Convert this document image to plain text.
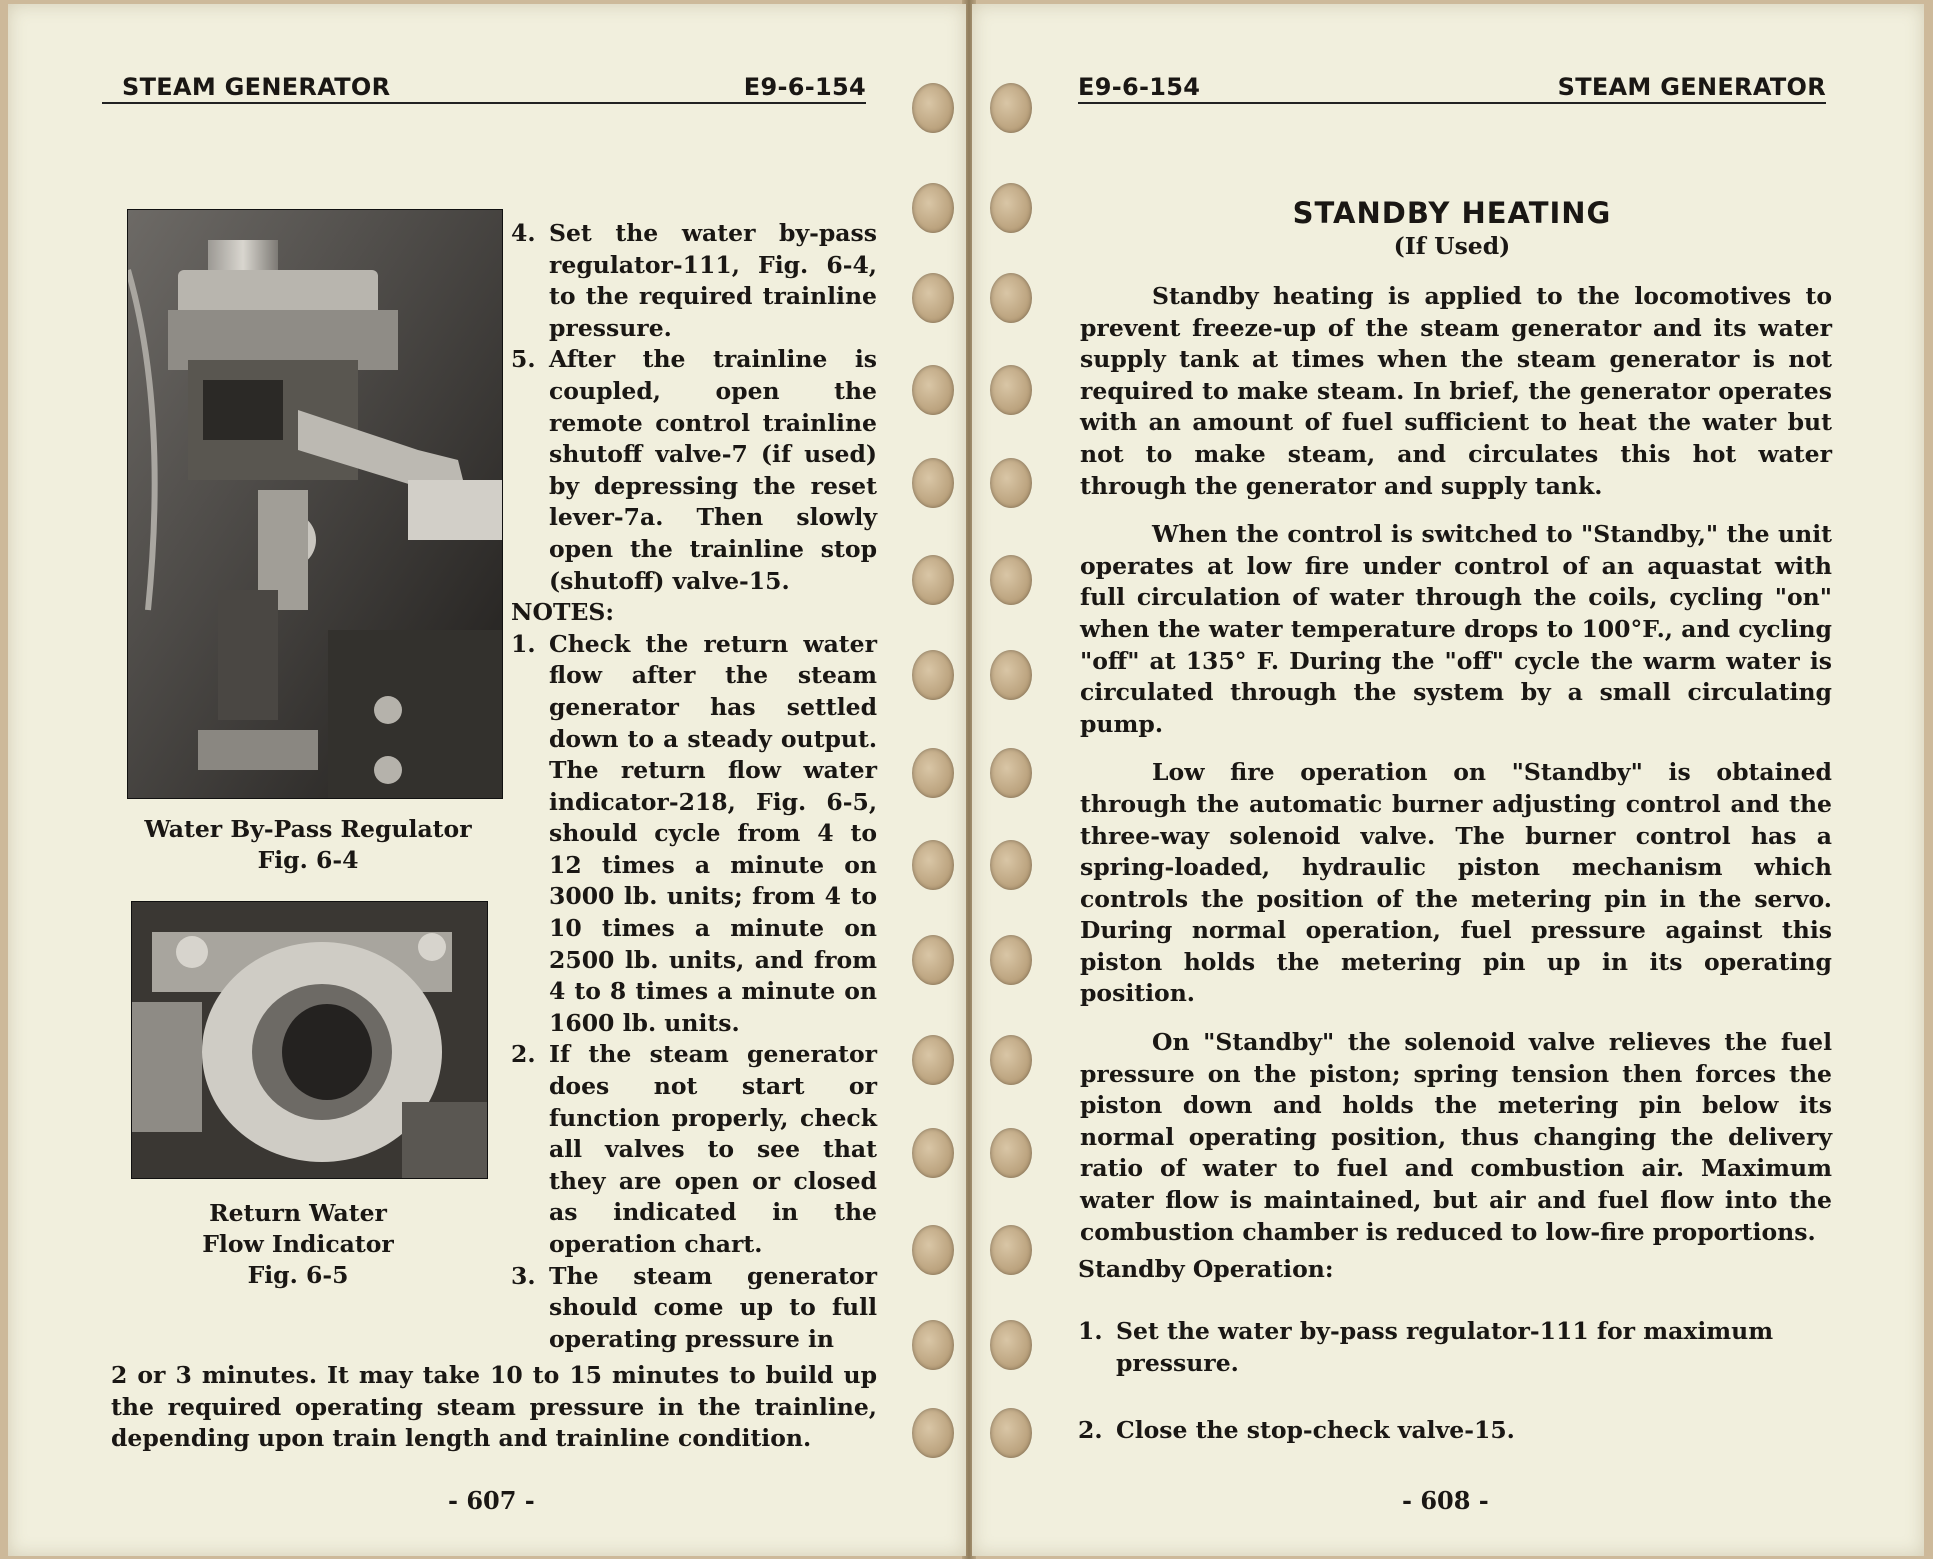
STEAM GENERATOR	E9-6-154
Water By-Pass Regulator
Fig. 6-4
Return Water
Flow Indicator
Fig. 6-5
4. Set the water by-pass regulator-111, Fig. 6-4, to the required trainline pressure.
5. After the trainline is coupled, open the remote control trainline shutoff valve-7 (if used) by depressing the reset lever-7a. Then slowly open the trainline stop (shutoff) valve-15.
NOTES:
1. Check the return water flow after the steam generator has settled down to a steady output. The return flow water indicator-218, Fig. 6-5, should cycle from 4 to 12 times a minute on 3000 lb. units; from 4 to 10 times a minute on 2500 lb. units, and from 4 to 8 times a minute on 1600 lb. units.
2. If the steam generator does not start or function properly, check all valves to see that they are open or closed as indicated in the operation chart.
3. The steam generator should come up to full operating pressure in
2 or 3 minutes. It may take 10 to 15 minutes to build up the required operating steam pressure in the trainline, depending upon train length and trainline condition.
- 607 -
E9-6-154	STEAM GENERATOR
STANDBY HEATING
(If Used)

Standby heating is applied to the locomotives to prevent freeze-up of the steam generator and its water supply tank at times when the steam generator is not required to make steam. In brief, the generator operates with an amount of fuel sufficient to heat the water but not to make steam, and circulates this hot water through the generator and supply tank.

When the control is switched to "Standby," the unit operates at low fire under control of an aquastat with full circulation of water through the coils, cycling "on" when the water temperature drops to 100°F., and cycling "off" at 135° F. During the "off" cycle the warm water is circulated through the system by a small circulating pump.

Low fire operation on "Standby" is obtained through the automatic burner adjusting control and the three-way solenoid valve. The burner control has a spring-loaded, hydraulic piston mechanism which controls the position of the metering pin in the servo. During normal operation, fuel pressure against this piston holds the metering pin up in its operating position.

On "Standby" the solenoid valve relieves the fuel pressure on the piston; spring tension then forces the piston down and holds the metering pin below its normal operating position, thus changing the delivery ratio of water to fuel and combustion air. Maximum water flow is maintained, but air and fuel flow into the combustion chamber is reduced to low-fire proportions.

Standby Operation:
1. Set the water by-pass regulator-111 for maximum pressure.
2. Close the stop-check valve-15.
- 608 -
